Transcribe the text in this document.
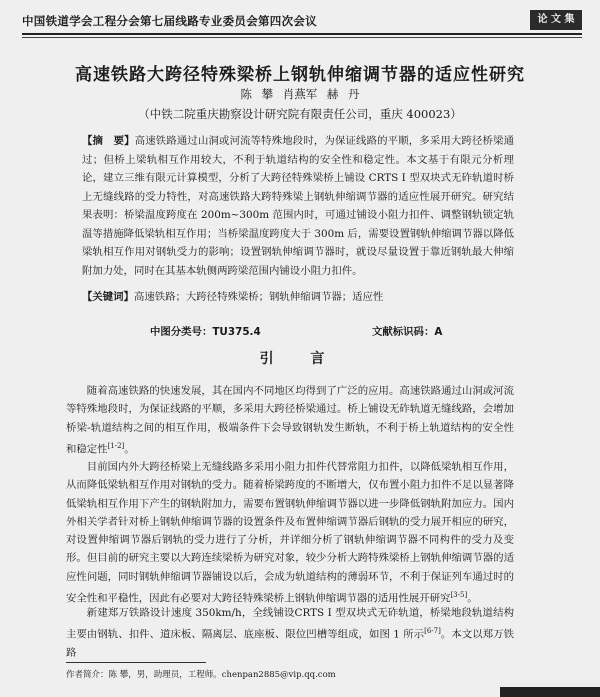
中国铁道学会工程分会第七届线路专业委员会第四次会议	论 文 集
高速铁路大跨径特殊梁桥上钢轨伸缩调节器的适应性研究
陈 攀 肖燕军 赫 丹
（中铁二院重庆勘察设计研究院有限责任公司，重庆 400023）
【摘　要】高速铁路通过山洞或河流等特殊地段时，为保证线路的平顺，多采用大跨径桥梁通过；但桥上梁轨相互作用较大，不利于轨道结构的安全性和稳定性。本文基于有限元分析理论，建立三维有限元计算模型，分析了大跨径特殊梁桥上铺设 CRTS I 型双块式无砟轨道时桥上无缝线路的受力特性，对高速铁路大跨特殊梁上钢轨伸缩调节器的适应性展开研究。研究结果表明：桥梁温度跨度在 200m~300m 范围内时，可通过铺设小阻力扣件、调整钢轨锁定轨温等措施降低梁轨相互作用；当桥梁温度跨度大于 300m 后，需要设置钢轨伸缩调节器以降低梁轨相互作用对钢轨受力的影响；设置钢轨伸缩调节器时，就设尽量设置于靠近钢轨最大伸缩附加力处，同时在其基本轨侧两跨梁范围内铺设小阻力扣件。
【关键词】高速铁路；大跨径特殊梁桥；钢轨伸缩调节器；适应性
中图分类号：TU375.4	文献标识码：A
引 言

随着高速铁路的快速发展，其在国内不同地区均得到了广泛的应用。高速铁路通过山洞或河流等特殊地段时，为保证线路的平顺，多采用大跨径桥梁通过。桥上铺设无砟轨道无缝线路，会增加桥梁-轨道结构之间的相互作用，极端条件下会导致钢轨发生断轨，不利于桥上轨道结构的安全性和稳定性[1-2]。

目前国内外大跨径桥梁上无缝线路多采用小阻力扣件代替常阻力扣件，以降低梁轨相互作用，从而降低梁轨相互作用对钢轨的受力。随着桥梁跨度的不断增大，仅布置小阻力扣件不足以显著降低梁轨相互作用下产生的钢轨附加力，需要布置钢轨伸缩调节器以进一步降低钢轨附加应力。国内外相关学者针对桥上钢轨伸缩调节器的设置条件及布置伸缩调节器后钢轨的受力展开相应的研究，对设置伸缩调节器后钢轨的受力进行了分析，并详细分析了钢轨伸缩调节器不同构件的受力及变形。但目前的研究主要以大跨连续梁桥为研究对象，较少分析大跨特殊梁桥上钢轨伸缩调节器的适应性问题，同时钢轨伸缩调节器铺设以后，会成为轨道结构的薄弱环节，不利于保证列车通过时的安全性和平稳性，因此有必要对大跨径特殊梁桥上钢轨伸缩调节器的适用性展开研究[3-5]。

新建郑万铁路设计速度 350km/h，全线铺设CRTS I 型双块式无砟轨道，桥梁地段轨道结构主要由钢轨、扣件、道床板、隔离层、底座板、限位凹槽等组成，如图 1 所示[6-7]。本文以郑万铁路

作者简介：陈 攀，男，助理员，工程师。chenpan2885@vip.qq.com
